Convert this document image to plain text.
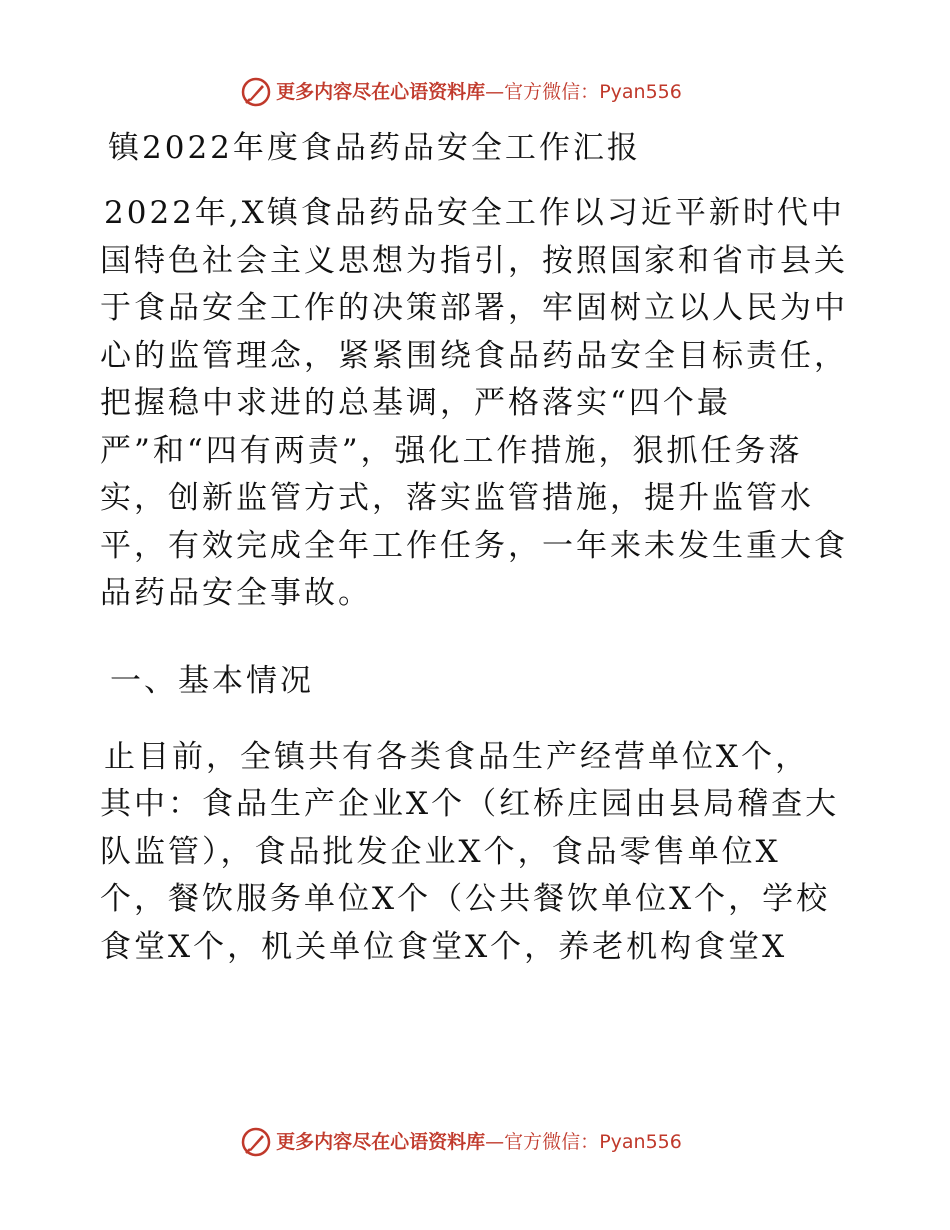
更多内容尽在心语资料库 — 官方微信： Pyan556
镇2022年度食品药品安全工作汇报
2022年,X镇食品药品安全工作以习近平新时代中
国特色社会主义思想为指引，按照国家和省市县关
于食品安全工作的决策部署，牢固树立以人民为中
心的监管理念，紧紧围绕食品药品安全目标责任，
把握稳中求进的总基调，严格落实“四个最
严”和“四有两责”，强化工作措施，狠抓任务落
实，创新监管方式，落实监管措施，提升监管水
平，有效完成全年工作任务，一年来未发生重大食
品药品安全事故。
一、基本情况
止目前，全镇共有各类食品生产经营单位X个，
其中：食品生产企业X个（红桥庄园由县局稽查大
队监管），食品批发企业X个，食品零售单位X
个，餐饮服务单位X个（公共餐饮单位X个，学校
食堂X个，机关单位食堂X个，养老机构食堂X
更多内容尽在心语资料库 — 官方微信： Pyan556
